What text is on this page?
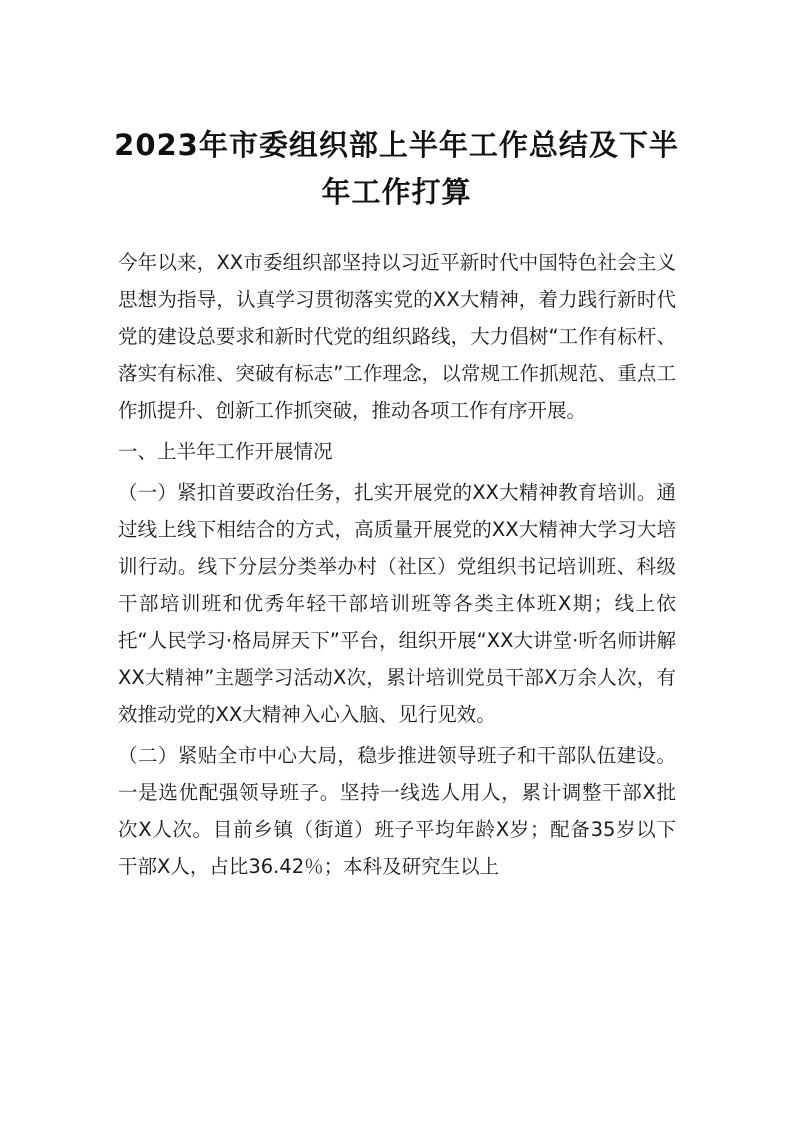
2023年市委组织部上半年工作总结及下半
年工作打算

今年以来，XX市委组织部坚持以习近平新时代中国特色社会主义思想为指导，认真学习贯彻落实党的XX大精神，着力践行新时代党的建设总要求和新时代党的组织路线，大力倡树“工作有标杆、落实有标准、突破有标志”工作理念，以常规工作抓规范、重点工作抓提升、创新工作抓突破，推动各项工作有序开展。

一、上半年工作开展情况

（一）紧扣首要政治任务，扎实开展党的XX大精神教育培训。通过线上线下相结合的方式，高质量开展党的XX大精神大学习大培训行动。线下分层分类举办村（社区）党组织书记培训班、科级干部培训班和优秀年轻干部培训班等各类主体班X期；线上依托“人民学习·格局屏天下”平台，组织开展“XX大讲堂·听名师讲解XX大精神”主题学习活动X次，累计培训党员干部X万余人次，有效推动党的XX大精神入心入脑、见行见效。

（二）紧贴全市中心大局，稳步推进领导班子和干部队伍建设。一是选优配强领导班子。坚持一线选人用人，累计调整干部X批次X人次。目前乡镇（街道）班子平均年龄X岁；配备35岁以下干部X人，占比36.42％；本科及研究生以上
